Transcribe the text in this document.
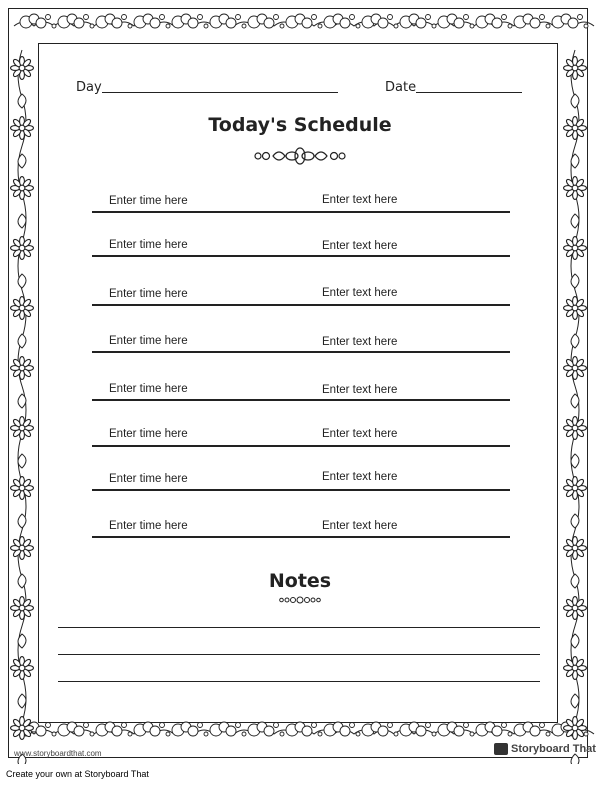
Day	Date
Today's Schedule
Enter time here	Enter text here
Enter time here	Enter text here
Enter time here	Enter text here
Enter time here	Enter text here
Enter time here	Enter text here
Enter time here	Enter text here
Enter time here	Enter text here
Enter time here	Enter text here
Notes
www.storyboardthat.com	Storyboard That
Create your own at Storyboard That
